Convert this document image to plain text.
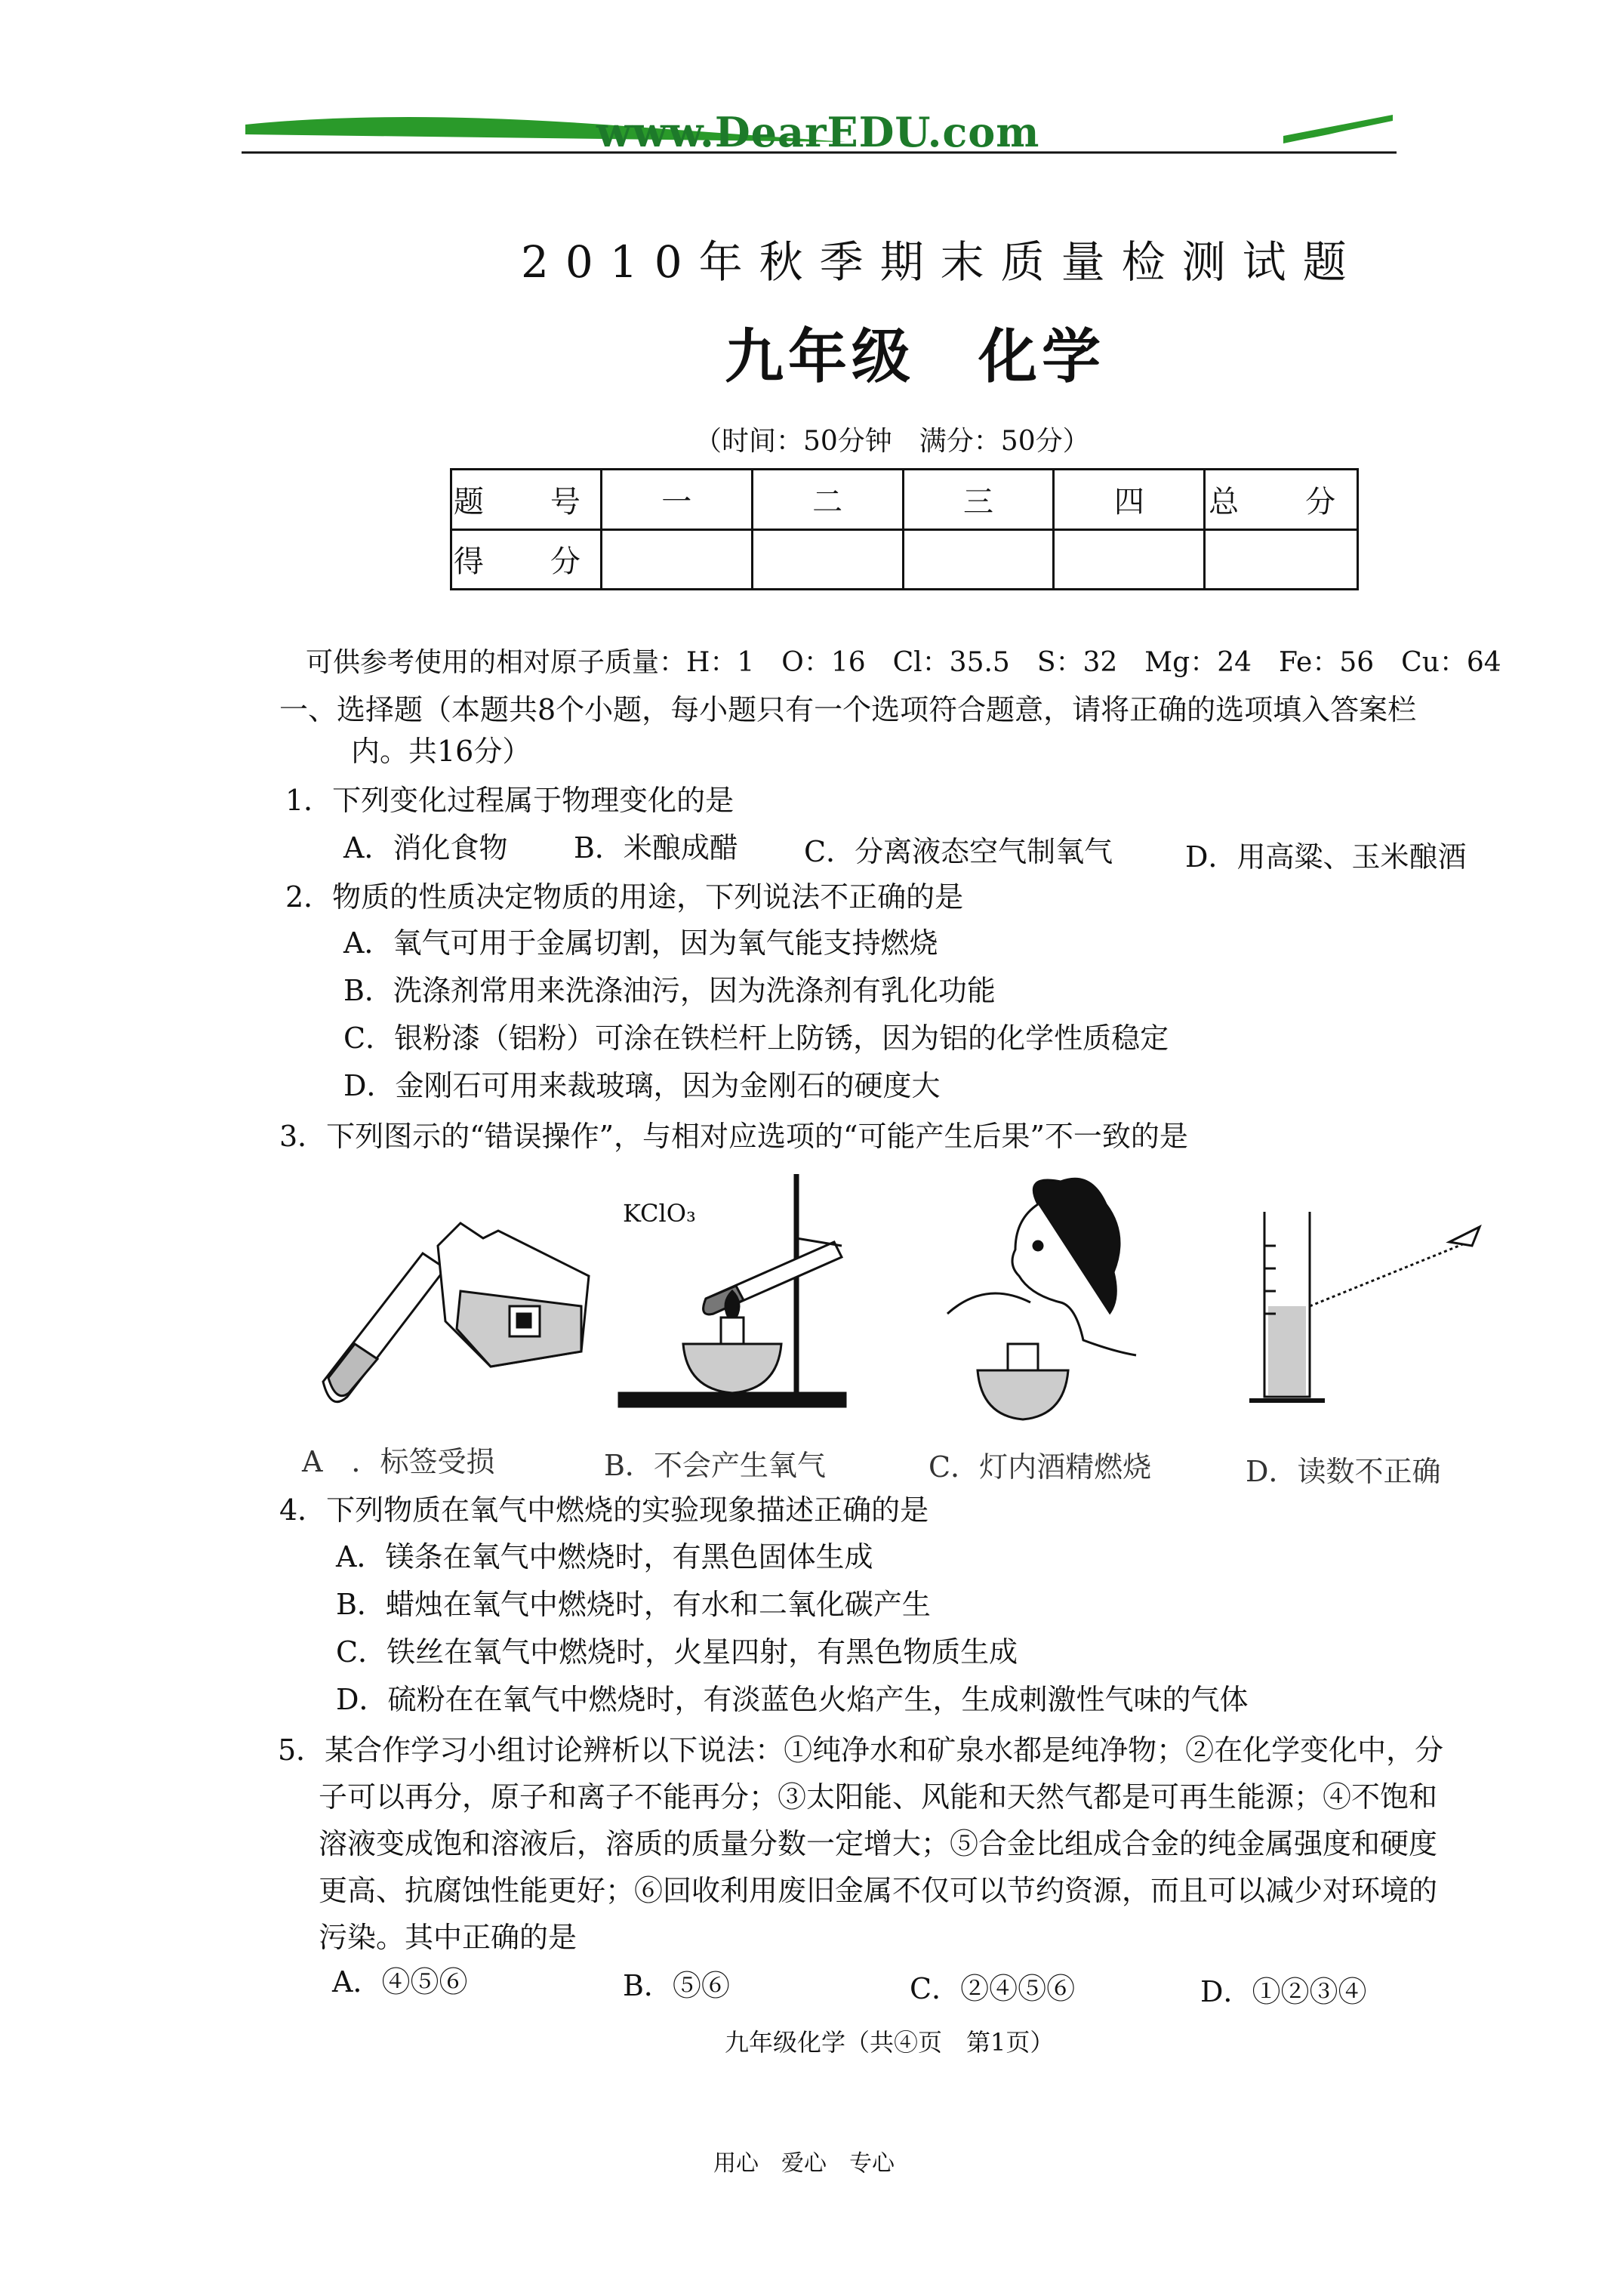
www.DearEDU.com
2010年秋季期末质量检测试题
九年级　化学
（时间：50分钟　满分：50分）
题　号	一	二	三	四	总　分
得　分					
可供参考使用的相对原子质量：H：1　O：16　Cl：35.5　S：32　Mg：24　Fe：56　Cu：64
一、选择题（本题共8个小题，每小题只有一个选项符合题意，请将正确的选项填入答案栏
内。共16分）
1．下列变化过程属于物理变化的是
A．消化食物 B．米酿成醋 C．分离液态空气制氧气	D．用高粱、玉米酿酒
2．物质的性质决定物质的用途，下列说法不正确的是
A．氧气可用于金属切割，因为氧气能支持燃烧
B．洗涤剂常用来洗涤油污，因为洗涤剂有乳化功能
C．银粉漆（铝粉）可涂在铁栏杆上防锈，因为铝的化学性质稳定
D．金刚石可用来裁玻璃，因为金刚石的硬度大
3．下列图示的“错误操作”，与相对应选项的“可能产生后果”不一致的是
KClO₃
A　．标签受损	B．不会产生氧气	C．灯内酒精燃烧	D．读数不正确
4．下列物质在氧气中燃烧的实验现象描述正确的是
A．镁条在氧气中燃烧时，有黑色固体生成
B．蜡烛在氧气中燃烧时，有水和二氧化碳产生
C．铁丝在氧气中燃烧时，火星四射，有黑色物质生成
D．硫粉在在氧气中燃烧时，有淡蓝色火焰产生，生成刺激性气味的气体
5．某合作学习小组讨论辨析以下说法：①纯净水和矿泉水都是纯净物；②在化学变化中，分
子可以再分，原子和离子不能再分；③太阳能、风能和天然气都是可再生能源；④不饱和
溶液变成饱和溶液后，溶质的质量分数一定增大；⑤合金比组成合金的纯金属强度和硬度
更高、抗腐蚀性能更好；⑥回收利用废旧金属不仅可以节约资源，而且可以减少对环境的
污染。其中正确的是
A．④⑤⑥	B．⑤⑥	C．②④⑤⑥	D．①②③④
九年级化学（共④页　第1页）
用心　爱心　专心
